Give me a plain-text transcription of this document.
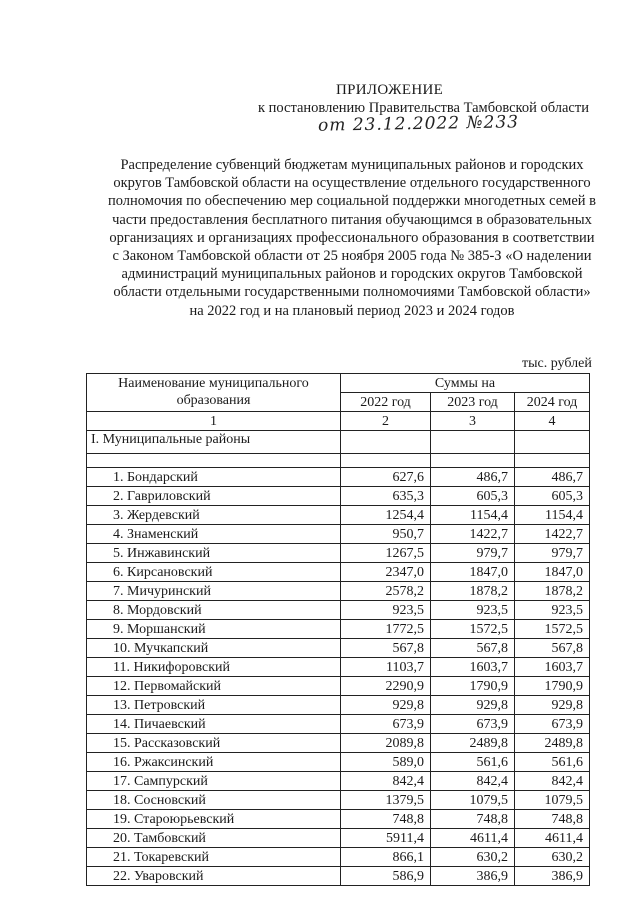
ПРИЛОЖЕНИЕ
к постановлению Правительства Тамбовской области
от 23.12.2022 №233
Распределение субвенций бюджетам муниципальных районов и городских
округов Тамбовской области на осуществление отдельного государственного
полномочия по обеспечению мер социальной поддержки многодетных семей в
части предоставления бесплатного питания обучающимся в образовательных
организациях и организациях профессионального образования в соответствии
с Законом Тамбовской области от 25 ноября 2005 года № 385-З «О наделении
администраций муниципальных районов и городских округов Тамбовской
области отдельными государственными полномочиями Тамбовской области»
на 2022 год и на плановый период 2023 и 2024 годов
тыс. рублей
Наименование муниципального образования	Суммы на		
	2022 год	2023 год	2024 год
1	2	3	4
I. Муниципальные районы			

1. Бондарский	627,6	486,7	486,7
2. Гавриловский	635,3	605,3	605,3
3. Жердевский	1254,4	1154,4	1154,4
4. Знаменский	950,7	1422,7	1422,7
5. Инжавинский	1267,5	979,7	979,7
6. Кирсановский	2347,0	1847,0	1847,0
7. Мичуринский	2578,2	1878,2	1878,2
8. Мордовский	923,5	923,5	923,5
9. Моршанский	1772,5	1572,5	1572,5
10. Мучкапский	567,8	567,8	567,8
11. Никифоровский	1103,7	1603,7	1603,7
12. Первомайский	2290,9	1790,9	1790,9
13. Петровский	929,8	929,8	929,8
14. Пичаевский	673,9	673,9	673,9
15. Рассказовский	2089,8	2489,8	2489,8
16. Ржаксинский	589,0	561,6	561,6
17. Сампурский	842,4	842,4	842,4
18. Сосновский	1379,5	1079,5	1079,5
19. Староюрьевский	748,8	748,8	748,8
20. Тамбовский	5911,4	4611,4	4611,4
21. Токаревский	866,1	630,2	630,2
22. Уваровский	586,9	386,9	386,9
